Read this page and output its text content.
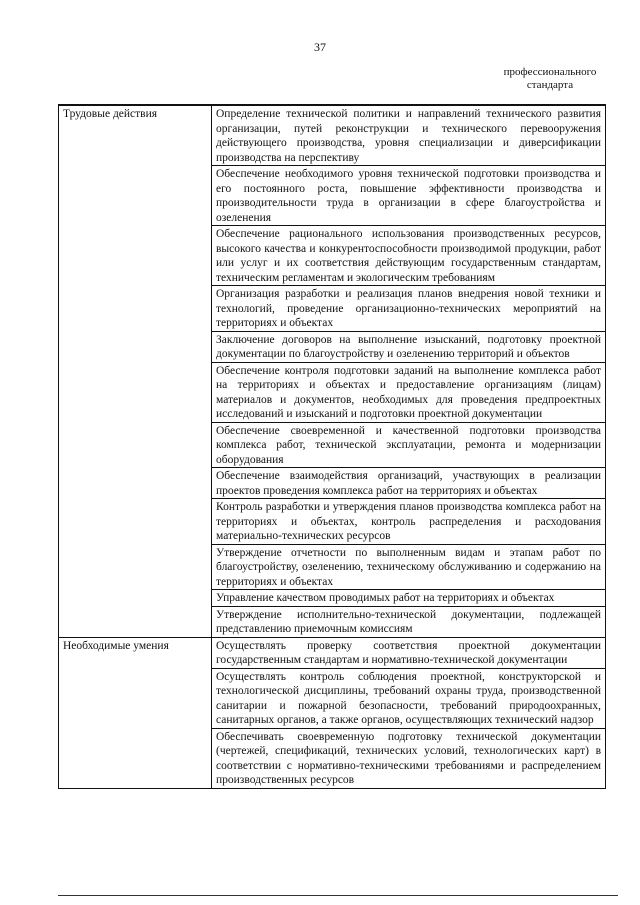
37
профессионального стандарта
Трудовые действия	Определение технической политики и направлений технического развития организации, путей реконструкции и технического перевооружения действующего производства, уровня специализации и диверсификации производства на перспективу
	Обеспечение необходимого уровня технической подготовки производства и его постоянного роста, повышение эффективности производства и производительности труда в организации в сфере благоустройства и озеленения
	Обеспечение рационального использования производственных ресурсов, высокого качества и конкурентоспособности производимой продукции, работ или услуг и их соответствия действующим государственным стандартам, техническим регламентам и экологическим требованиям
	Организация разработки и реализация планов внедрения новой техники и технологий, проведение организационно-технических мероприятий на территориях и объектах
	Заключение договоров на выполнение изысканий, подготовку проектной документации по благоустройству и озеленению территорий и объектов
	Обеспечение контроля подготовки заданий на выполнение комплекса работ на территориях и объектах и предоставление организациям (лицам) материалов и документов, необходимых для проведения предпроектных исследований и изысканий и подготовки проектной документации
	Обеспечение своевременной и качественной подготовки производства комплекса работ, технической эксплуатации, ремонта и модернизации оборудования
	Обеспечение взаимодействия организаций, участвующих в реализации проектов проведения комплекса работ на территориях и объектах
	Контроль разработки и утверждения планов производства комплекса работ на территориях и объектах, контроль распределения и расходования материально-технических ресурсов
	Утверждение отчетности по выполненным видам и этапам работ по благоустройству, озеленению, техническому обслуживанию и содержанию на территориях и объектах
	Управление качеством проводимых работ на территориях и объектах
	Утверждение исполнительно-технической документации, подлежащей представлению приемочным комиссиям
Необходимые умения	Осуществлять проверку соответствия проектной документации государственным стандартам и нормативно-технической документации
	Осуществлять контроль соблюдения проектной, конструкторской и технологической дисциплины, требований охраны труда, производственной санитарии и пожарной безопасности, требований природоохранных, санитарных органов, а также органов, осуществляющих технический надзор
	Обеспечивать своевременную подготовку технической документации (чертежей, спецификаций, технических условий, технологических карт) в соответствии с нормативно-техническими требованиями и распределением производственных ресурсов
